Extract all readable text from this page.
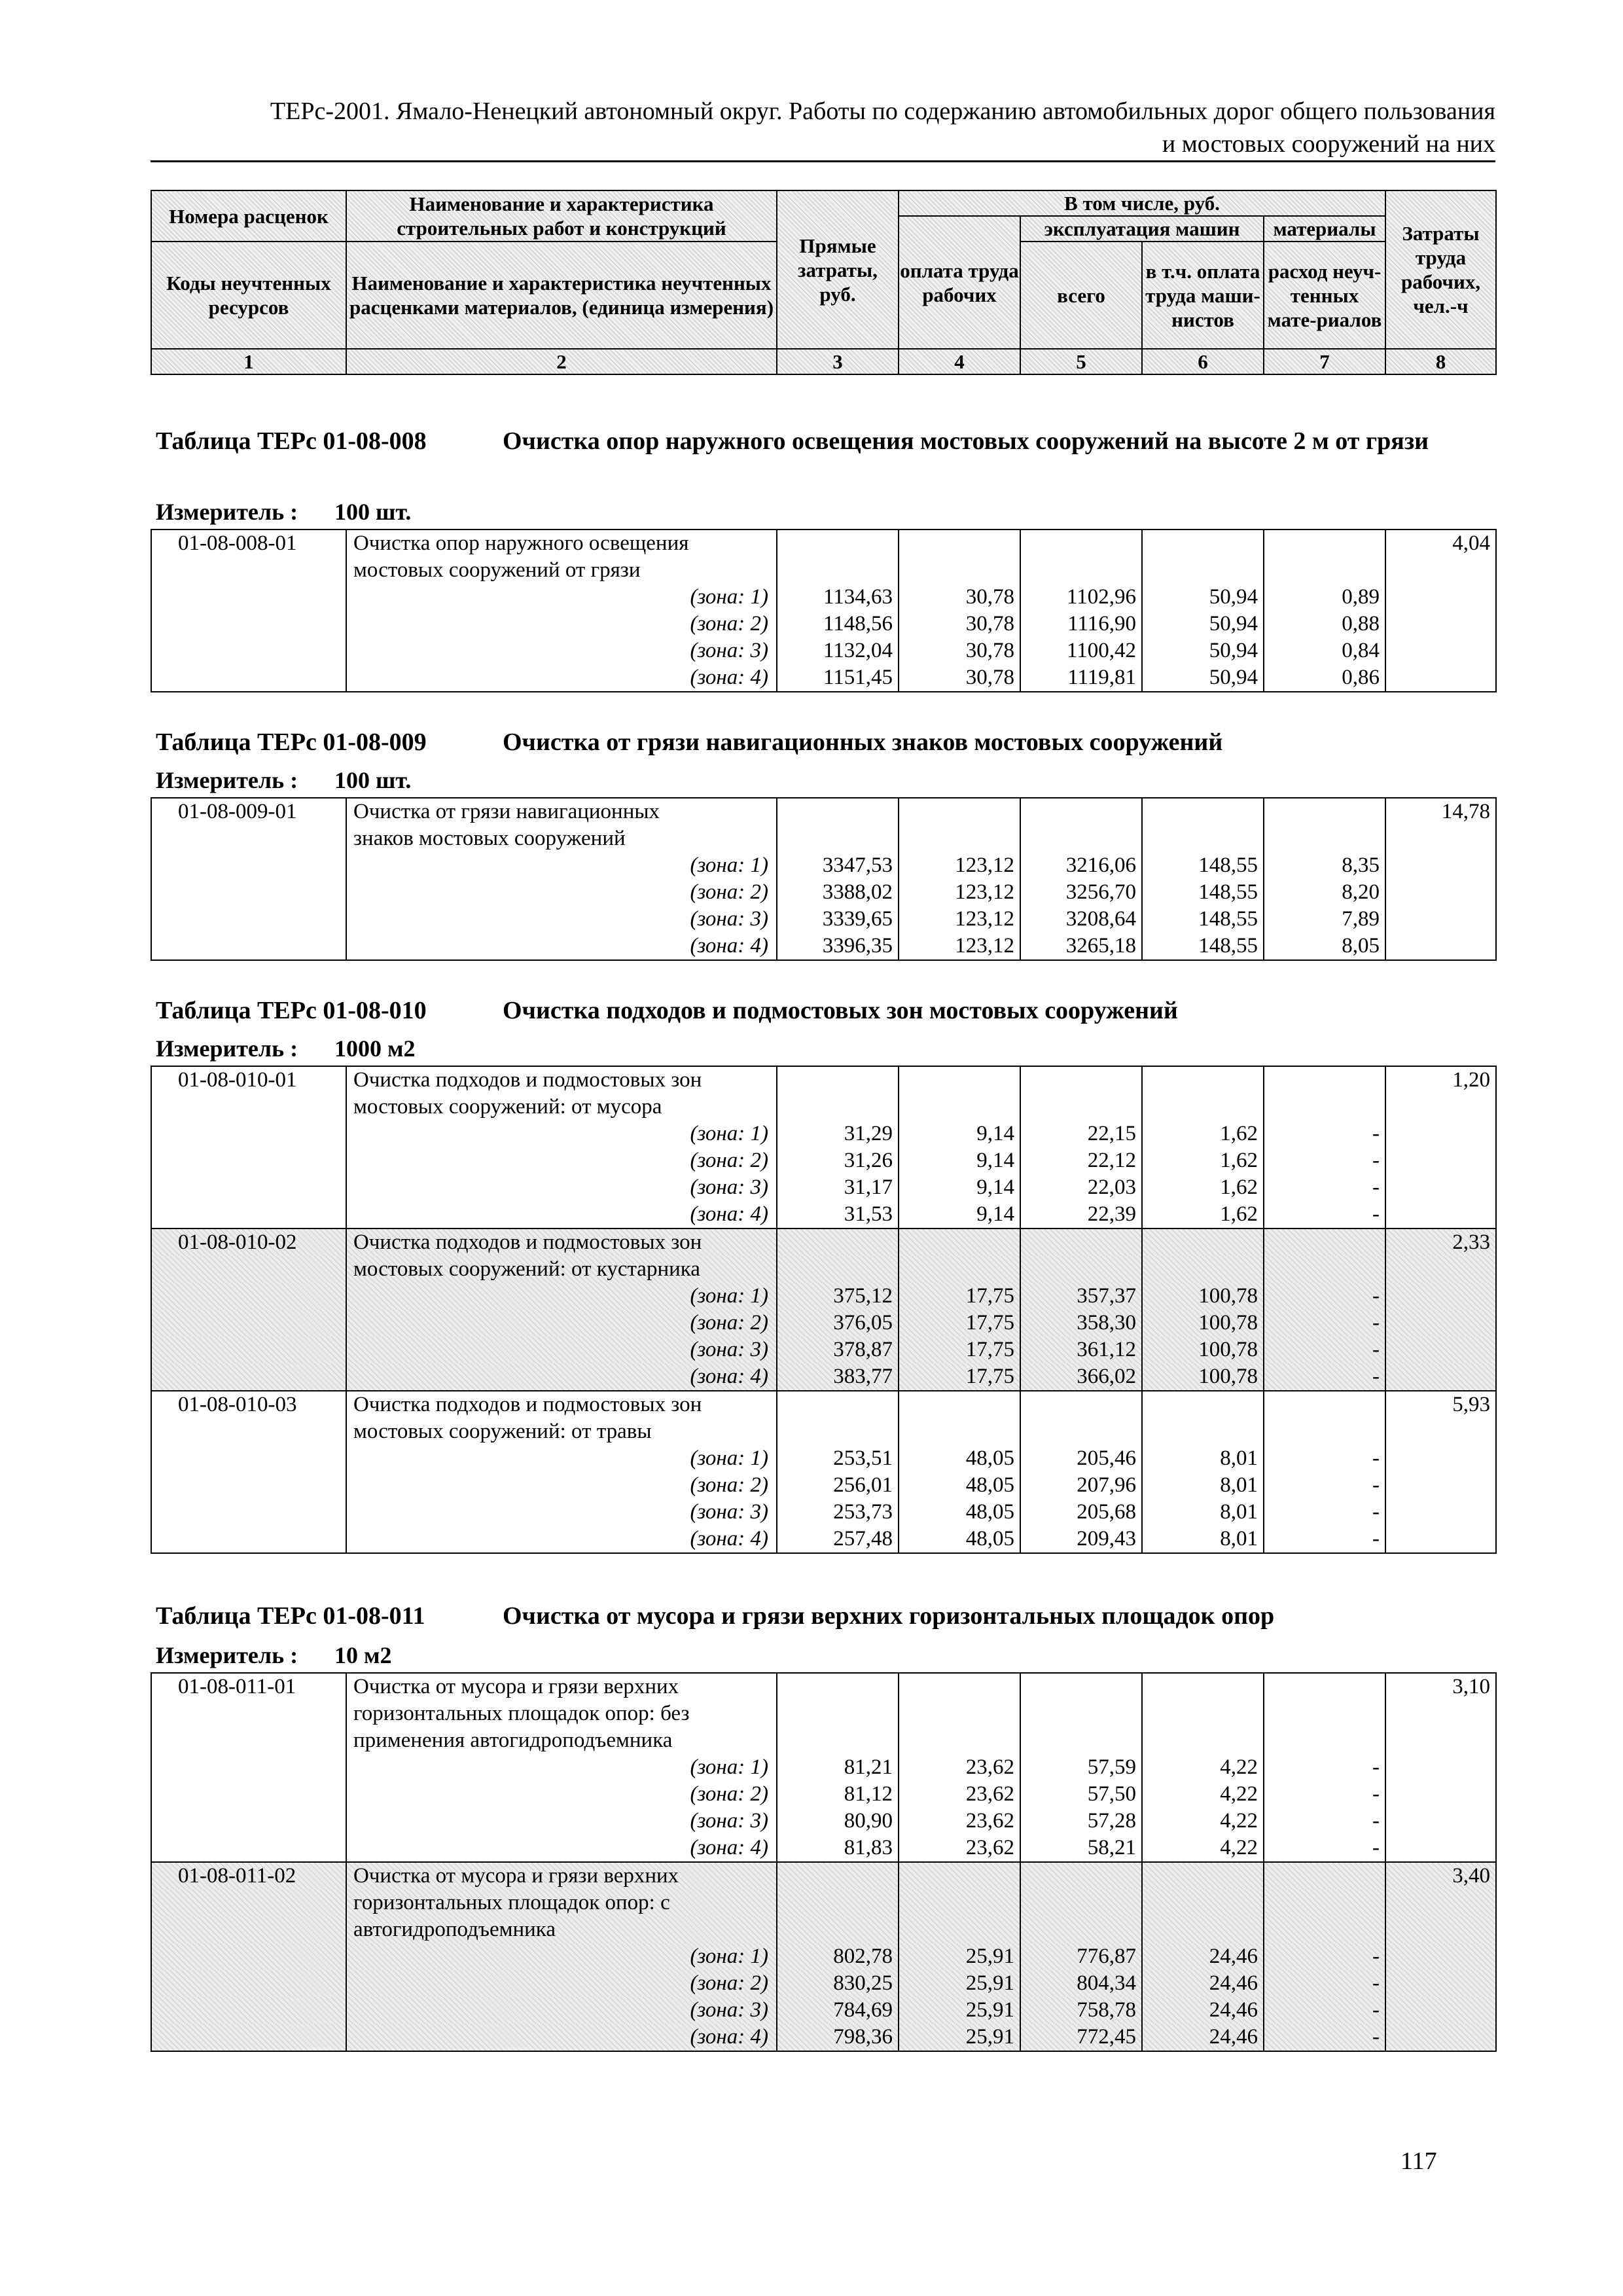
ТЕРс-2001. Ямало-Ненецкий автономный округ. Работы по содержанию автомобильных дорог общего пользования
и мостовых сооружений на них
Номера расценок	Наименование и характеристика строительных работ и конструкций	Прямые затраты, руб.	В том числе, руб.				Затраты труда рабочих, чел.-ч
			оплата труда рабочих	эксплуатация машин		материалы	
Коды неучтенных ресурсов	Наименование и характеристика неучтенных расценками материалов, (единица измерения)			всего	в т.ч. оплата труда маши-нистов	расход неуч-тенных мате-риалов	

1	2	3	4	5	6	7	8
Таблица ТЕРс 01-08-008	Очистка опор наружного освещения мостовых сооружений на высоте 2 м от грязи
Измеритель : 100 шт.
01-08-008-01	Очистка опор наружного освещения						4,04
	мостовых сооружений от грязи						
	(зона: 1)	1134,63	30,78	1102,96	50,94	0,89	
	(зона: 2)	1148,56	30,78	1116,90	50,94	0,88	
	(зона: 3)	1132,04	30,78	1100,42	50,94	0,84	
	(зона: 4)	1151,45	30,78	1119,81	50,94	0,86	
Таблица ТЕРс 01-08-009	Очистка от грязи навигационных знаков мостовых сооружений
Измеритель : 100 шт.
01-08-009-01	Очистка от грязи навигационных						14,78
	знаков мостовых сооружений						
	(зона: 1)	3347,53	123,12	3216,06	148,55	8,35	
	(зона: 2)	3388,02	123,12	3256,70	148,55	8,20	
	(зона: 3)	3339,65	123,12	3208,64	148,55	7,89	
	(зона: 4)	3396,35	123,12	3265,18	148,55	8,05	
Таблица ТЕРс 01-08-010	Очистка подходов и подмостовых зон мостовых сооружений
Измеритель : 1000 м2
01-08-010-01	Очистка подходов и подмостовых зон						1,20
	мостовых сооружений: от мусора						
	(зона: 1)	31,29	9,14	22,15	1,62	-	
	(зона: 2)	31,26	9,14	22,12	1,62	-	
	(зона: 3)	31,17	9,14	22,03	1,62	-	
	(зона: 4)	31,53	9,14	22,39	1,62	-	
01-08-010-02	Очистка подходов и подмостовых зон						2,33
	мостовых сооружений: от кустарника						
	(зона: 1)	375,12	17,75	357,37	100,78	-	
	(зона: 2)	376,05	17,75	358,30	100,78	-	
	(зона: 3)	378,87	17,75	361,12	100,78	-	
	(зона: 4)	383,77	17,75	366,02	100,78	-	
01-08-010-03	Очистка подходов и подмостовых зон						5,93
	мостовых сооружений: от травы						
	(зона: 1)	253,51	48,05	205,46	8,01	-	
	(зона: 2)	256,01	48,05	207,96	8,01	-	
	(зона: 3)	253,73	48,05	205,68	8,01	-	
	(зона: 4)	257,48	48,05	209,43	8,01	-	
Таблица ТЕРс 01-08-011	Очистка от мусора и грязи верхних горизонтальных площадок опор
Измеритель : 10 м2
01-08-011-01	Очистка от мусора и грязи верхних						3,10
	горизонтальных площадок опор: без						
	применения автогидроподъемника						
	(зона: 1)	81,21	23,62	57,59	4,22	-	
	(зона: 2)	81,12	23,62	57,50	4,22	-	
	(зона: 3)	80,90	23,62	57,28	4,22	-	
	(зона: 4)	81,83	23,62	58,21	4,22	-	
01-08-011-02	Очистка от мусора и грязи верхних						3,40
	горизонтальных площадок опор: с						
	автогидроподъемника						
	(зона: 1)	802,78	25,91	776,87	24,46	-	
	(зона: 2)	830,25	25,91	804,34	24,46	-	
	(зона: 3)	784,69	25,91	758,78	24,46	-	
	(зона: 4)	798,36	25,91	772,45	24,46	-	
117
